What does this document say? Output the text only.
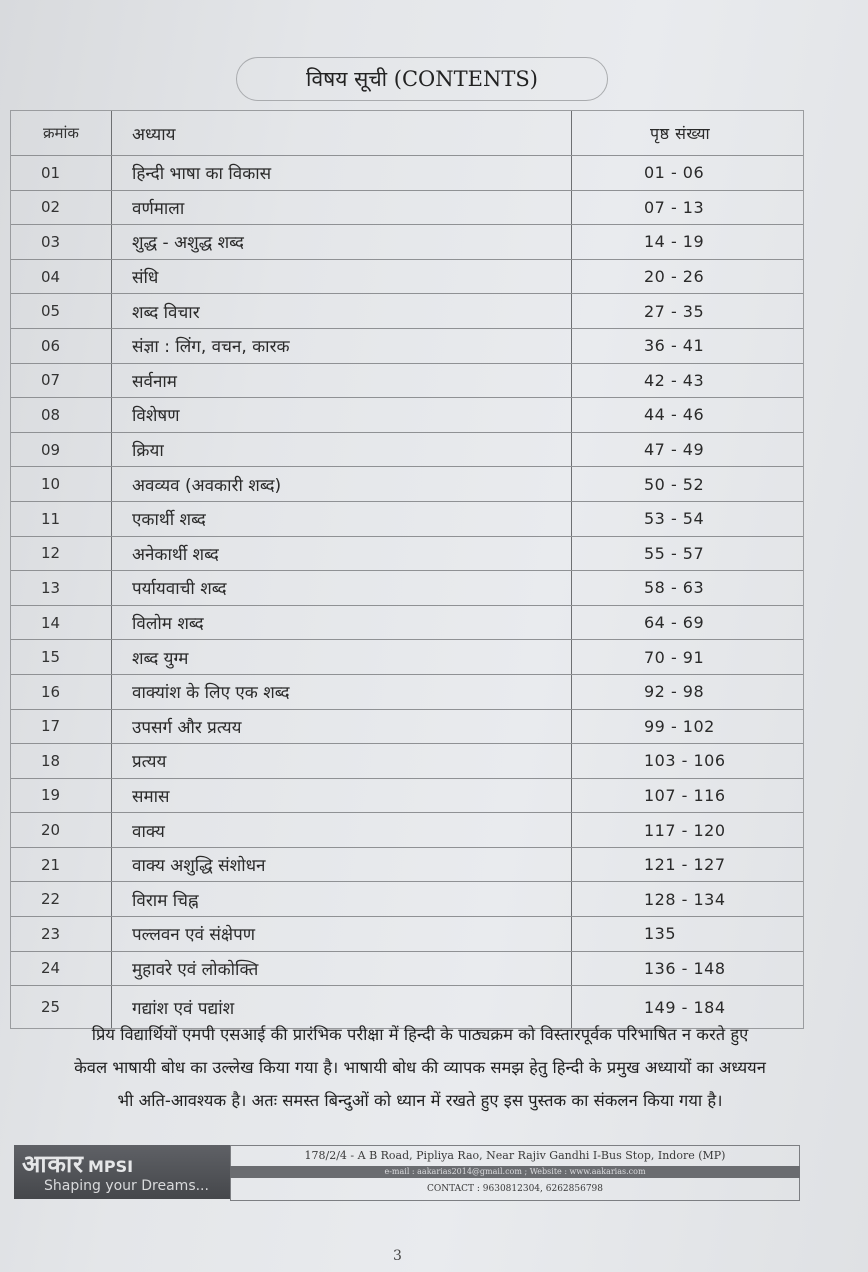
विषय सूची (CONTENTS)
क्रमांक	अध्याय	पृष्ठ संख्या
01	हिन्दी भाषा का विकास	01 - 06
02	वर्णमाला	07 - 13
03	शुद्ध - अशुद्ध शब्द	14 - 19
04	संधि	20 - 26
05	शब्द विचार	27 - 35
06	संज्ञा : लिंग, वचन, कारक	36 - 41
07	सर्वनाम	42 - 43
08	विशेषण	44 - 46
09	क्रिया	47 - 49
10	अवव्यव (अवकारी शब्द)	50 - 52
11	एकार्थी शब्द	53 - 54
12	अनेकार्थी शब्द	55 - 57
13	पर्यायवाची शब्द	58 - 63
14	विलोम शब्द	64 - 69
15	शब्द युग्म	70 - 91
16	वाक्यांश के लिए एक शब्द	92 - 98
17	उपसर्ग और प्रत्यय	99 - 102
18	प्रत्यय	103 - 106
19	समास	107 - 116
20	वाक्य	117 - 120
21	वाक्य अशुद्धि संशोधन	121 - 127
22	विराम चिह्न	128 - 134
23	पल्लवन एवं संक्षेपण	135
24	मुहावरे एवं लोकोक्ति	136 - 148
25	गद्यांश एवं पद्यांश	149 - 184

प्रिय विद्यार्थियों एमपी एसआई की प्रारंभिक परीक्षा में हिन्दी के पाठ्यक्रम को विस्तारपूर्वक परिभाषित न करते हुए

केवल भाषायी बोध का उल्लेख किया गया है। भाषायी बोध की व्यापक समझ हेतु हिन्दी के प्रमुख अध्यायों का अध्ययन

भी अति-आवश्यक है। अतः समस्त बिन्दुओं को ध्यान में रखते हुए इस पुस्तक का संकलन किया गया है।

आकार MPSI
Shaping your Dreams...
178/2/4 - A B Road, Pipliya Rao, Near Rajiv Gandhi I-Bus Stop, Indore (MP)
e-mail : aakarias2014@gmail.com ; Website : www.aakarias.com
CONTACT : 9630812304, 6262856798
3
